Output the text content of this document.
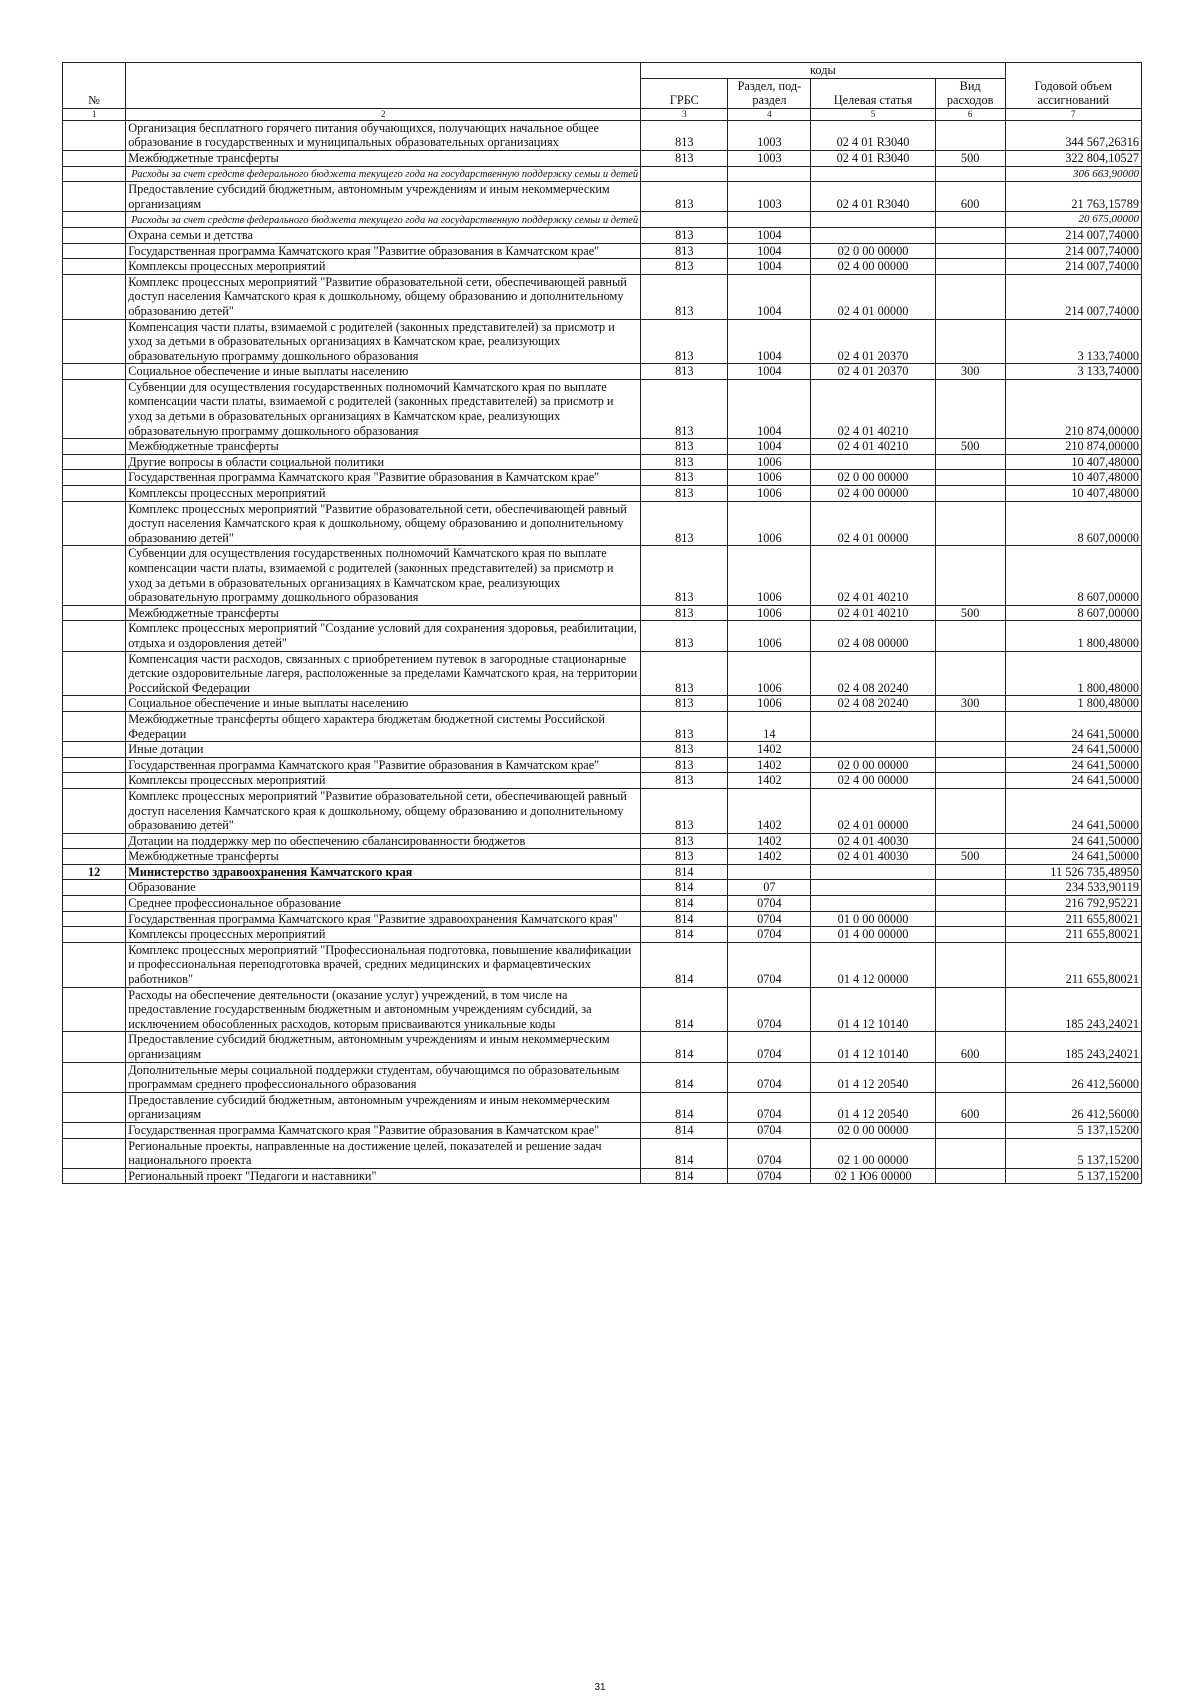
№		коды				Годовой объем ассигнований
		ГРБС	Раздел, под-раздел	Целевая статья	Вид расходов	
1	2	3	4	5	6	7
	Организация бесплатного горячего питания обучающихся, получающих начальное общее образование в государственных и муниципальных образовательных организациях	813	1003	02 4 01 R3040		344 567,26316
	Межбюджетные трансферты	813	1003	02 4 01 R3040	500	322 804,10527
	Расходы за счет средств федерального бюджета текущего года на государственную поддержку семьи и детей					306 663,90000
	Предоставление субсидий бюджетным, автономным учреждениям и иным некоммерческим организациям	813	1003	02 4 01 R3040	600	21 763,15789
	Расходы за счет средств федерального бюджета текущего года на государственную поддержку семьи и детей					20 675,00000
	Охрана семьи и детства	813	1004			214 007,74000
	Государственная программа Камчатского края "Развитие образования в Камчатском крае"	813	1004	02 0 00 00000		214 007,74000
	Комплексы процессных мероприятий	813	1004	02 4 00 00000		214 007,74000
	Комплекс процессных мероприятий "Развитие образовательной сети, обеспечивающей равный доступ населения Камчатского края к дошкольному, общему образованию и дополнительному образованию детей"	813	1004	02 4 01 00000		214 007,74000
	Компенсация части платы, взимаемой с родителей (законных представителей) за присмотр и уход за детьми в образовательных организациях в Камчатском крае, реализующих образовательную программу дошкольного образования	813	1004	02 4 01 20370		3 133,74000
	Социальное обеспечение и иные выплаты населению	813	1004	02 4 01 20370	300	3 133,74000
	Субвенции для осуществления государственных полномочий Камчатского края по выплате компенсации части платы, взимаемой с родителей (законных представителей) за присмотр и уход за детьми в образовательных организациях в Камчатском крае, реализующих образовательную программу дошкольного образования	813	1004	02 4 01 40210		210 874,00000
	Межбюджетные трансферты	813	1004	02 4 01 40210	500	210 874,00000
	Другие вопросы в области социальной политики	813	1006			10 407,48000
	Государственная программа Камчатского края "Развитие образования в Камчатском крае"	813	1006	02 0 00 00000		10 407,48000
	Комплексы процессных мероприятий	813	1006	02 4 00 00000		10 407,48000
	Комплекс процессных мероприятий "Развитие образовательной сети, обеспечивающей равный доступ населения Камчатского края к дошкольному, общему образованию и дополнительному образованию детей"	813	1006	02 4 01 00000		8 607,00000
	Субвенции для осуществления государственных полномочий Камчатского края по выплате компенсации части платы, взимаемой с родителей (законных представителей) за присмотр и уход за детьми в образовательных организациях в Камчатском крае, реализующих образовательную программу дошкольного образования	813	1006	02 4 01 40210		8 607,00000
	Межбюджетные трансферты	813	1006	02 4 01 40210	500	8 607,00000
	Комплекс процессных мероприятий "Создание условий для сохранения здоровья, реабилитации, отдыха и оздоровления детей"	813	1006	02 4 08 00000		1 800,48000
	Компенсация части расходов, связанных с приобретением путевок в загородные стационарные детские оздоровительные лагеря, расположенные за пределами Камчатского края, на территории Российской Федерации	813	1006	02 4 08 20240		1 800,48000
	Социальное обеспечение и иные выплаты населению	813	1006	02 4 08 20240	300	1 800,48000
	Межбюджетные трансферты общего характера бюджетам бюджетной системы Российской Федерации	813	14			24 641,50000
	Иные дотации	813	1402			24 641,50000
	Государственная программа Камчатского края "Развитие образования в Камчатском крае"	813	1402	02 0 00 00000		24 641,50000
	Комплексы процессных мероприятий	813	1402	02 4 00 00000		24 641,50000
	Комплекс процессных мероприятий "Развитие образовательной сети, обеспечивающей равный доступ населения Камчатского края к дошкольному, общему образованию и дополнительному образованию детей"	813	1402	02 4 01 00000		24 641,50000
	Дотации на поддержку мер по обеспечению сбалансированности бюджетов	813	1402	02 4 01 40030		24 641,50000
	Межбюджетные трансферты	813	1402	02 4 01 40030	500	24 641,50000
12	Министерство здравоохранения Камчатского края	814				11 526 735,48950
	Образование	814	07			234 533,90119
	Среднее профессиональное образование	814	0704			216 792,95221
	Государственная программа Камчатского края "Развитие здравоохранения Камчатского края"	814	0704	01 0 00 00000		211 655,80021
	Комплексы процессных мероприятий	814	0704	01 4 00 00000		211 655,80021
	Комплекс процессных мероприятий "Профессиональная подготовка, повышение квалификации и профессиональная переподготовка врачей, средних медицинских и фармацевтических работников"	814	0704	01 4 12 00000		211 655,80021
	Расходы на обеспечение деятельности (оказание услуг) учреждений, в том числе на предоставление государственным бюджетным и автономным учреждениям субсидий, за исключением обособленных расходов, которым присваиваются уникальные коды	814	0704	01 4 12 10140		185 243,24021
	Предоставление субсидий бюджетным, автономным учреждениям и иным некоммерческим организациям	814	0704	01 4 12 10140	600	185 243,24021
	Дополнительные меры социальной поддержки студентам, обучающимся по образовательным программам среднего профессионального образования	814	0704	01 4 12 20540		26 412,56000
	Предоставление субсидий бюджетным, автономным учреждениям и иным некоммерческим организациям	814	0704	01 4 12 20540	600	26 412,56000
	Государственная программа Камчатского края "Развитие образования в Камчатском крае"	814	0704	02 0 00 00000		5 137,15200
	Региональные проекты, направленные на достижение целей, показателей и решение задач национального проекта	814	0704	02 1 00 00000		5 137,15200
	Региональный проект "Педагоги и наставники"	814	0704	02 1 Ю6 00000		5 137,15200
31
